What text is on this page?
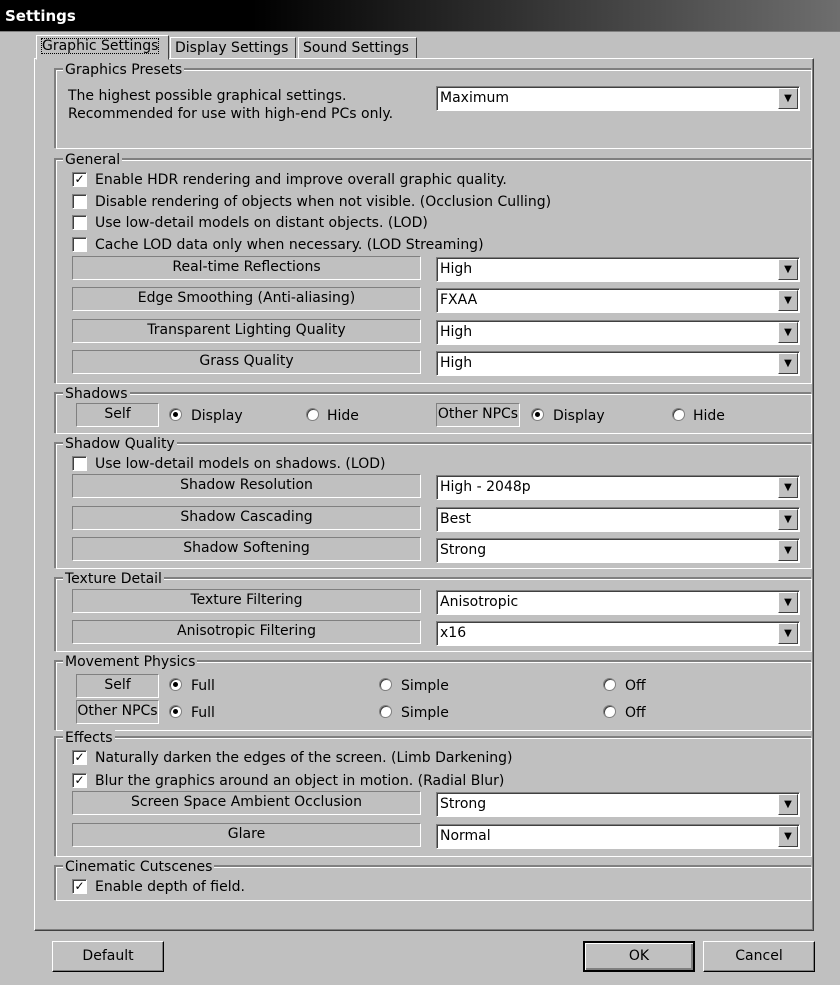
Settings
Graphic Settings	Display Settings	Sound Settings
Graphics Presets
The highest possible graphical settings.
Recommended for use with high-end PCs only.
Maximum	▼
General
✓ Enable HDR rendering and improve overall graphic quality.
Disable rendering of objects when not visible. (Occlusion Culling)
Use low-detail models on distant objects. (LOD)
Cache LOD data only when necessary. (LOD Streaming)
Real-time Reflections	High	▼
Edge Smoothing (Anti-aliasing)	FXAA	▼
Transparent Lighting Quality	High	▼
Grass Quality	High	▼
Shadows
Self	Display	Hide	Other NPCs Display	Hide
Shadow Quality
Use low-detail models on shadows. (LOD)
Shadow Resolution	High - 2048p	▼
Shadow Cascading	Best	▼
Shadow Softening	Strong	▼
Texture Detail
Texture Filtering	Anisotropic	▼
Anisotropic Filtering	x16	▼
Movement Physics
Self	Full	Simple	Off
Other NPCs Full	Simple	Off
Effects
✓ Naturally darken the edges of the screen. (Limb Darkening)
✓ Blur the graphics around an object in motion. (Radial Blur)
Screen Space Ambient Occlusion	Strong	▼
Glare	Normal	▼
Cinematic Cutscenes
✓ Enable depth of field.
Default	OK	Cancel
